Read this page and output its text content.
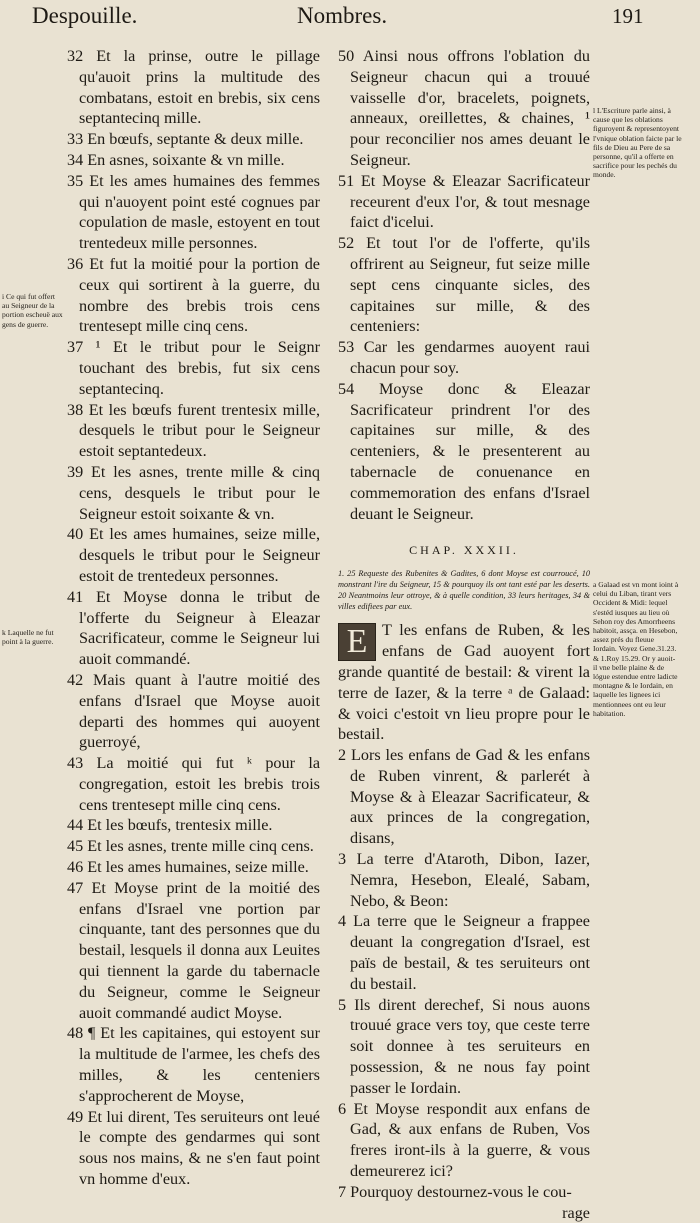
Despouille.	Nombres.	191

32 Et la prinse, outre le pillage qu'auoit prins la multitude des combatans, estoit en brebis, six cens septantecinq mille.

33 En bœufs, septante & deux mille.

34 En asnes, soixante & vn mille.

35 Et les ames humaines des femmes qui n'auoyent point esté cognues par copulation de masle, estoyent en tout trentedeux mille personnes.

36 Et fut la moitié pour la portion de ceux qui sortirent à la guerre, du nombre des brebis trois cens trentesept mille cinq cens.

37 ¹ Et le tribut pour le Seignr touchant des brebis, fut six cens septantecinq.

38 Et les bœufs furent trentesix mille, desquels le tribut pour le Seigneur estoit septantedeux.

39 Et les asnes, trente mille & cinq cens, desquels le tribut pour le Seigneur estoit soixante & vn.

40 Et les ames humaines, seize mille, desquels le tribut pour le Seigneur estoit de trentedeux personnes.

41 Et Moyse donna le tribut de l'offerte du Seigneur à Eleazar Sacrificateur, comme le Seigneur lui auoit commandé.

42 Mais quant à l'autre moitié des enfans d'Israel que Moyse auoit departi des hommes qui auoyent guerroyé,

43 La moitié qui fut ᵏ pour la congregation, estoit les brebis trois cens trentesept mille cinq cens.

44 Et les bœufs, trentesix mille.

45 Et les asnes, trente mille cinq cens.

46 Et les ames humaines, seize mille.

47 Et Moyse print de la moitié des enfans d'Israel vne portion par cinquante, tant des personnes que du bestail, lesquels il donna aux Leuites qui tiennent la garde du tabernacle du Seigneur, comme le Seigneur auoit commandé audict Moyse.

48 ¶ Et les capitaines, qui estoyent sur la multitude de l'armee, les chefs des milles, & les centeniers s'approcherent de Moyse,

49 Et lui dirent, Tes seruiteurs ont leué le compte des gendarmes qui sont sous nos mains, & ne s'en faut point vn homme d'eux.

50 Ainsi nous offrons l'oblation du Seigneur chacun qui a trouué vaisselle d'or, bracelets, poignets, anneaux, oreillettes, & chaines, ¹ pour reconcilier nos ames deuant le Seigneur.

51 Et Moyse & Eleazar Sacrificateur receurent d'eux l'or, & tout mesnage faict d'icelui.

52 Et tout l'or de l'offerte, qu'ils offrirent au Seigneur, fut seize mille sept cens cinquante sicles, des capitaines sur mille, & des centeniers:

53 Car les gendarmes auoyent raui chacun pour soy.

54 Moyse donc & Eleazar Sacrificateur prindrent l'or des capitaines sur mille, & des centeniers, & le presenterent au tabernacle de conuenance en commemoration des enfans d'Israel deuant le Seigneur.

CHAP. XXXII.

1. 25 Requeste des Rubenites & Gadites, 6 dont Moyse est courroucé, 10 monstrant l'ire du Seigneur, 15 & pourquoy ils ont tant esté par les deserts. 20 Neantmoins leur ottroye, & à quelle condition, 33 leurs heritages, 34 & villes edifiees par eux.

E T les enfans de Ruben, & les enfans de Gad auoyent fort grande quantité de bestail: & virent la terre de Iazer, & la terre ᵃ de Galaad: & voici c'estoit vn lieu propre pour le bestail.

2 Lors les enfans de Gad & les enfans de Ruben vinrent, & parlerét à Moyse & à Eleazar Sacrificateur, & aux princes de la congregation, disans,

3 La terre d'Ataroth, Dibon, Iazer, Nemra, Hesebon, Elealé, Sabam, Nebo, & Beon:

4 La terre que le Seigneur a frappee deuant la congregation d'Israel, est païs de bestail, & tes seruiteurs ont du bestail.

5 Ils dirent derechef, Si nous auons trouué grace vers toy, que ceste terre soit donnee à tes seruiteurs en possession, & ne nous fay point passer le Iordain.

6 Et Moyse respondit aux enfans de Gad, & aux enfans de Ruben, Vos freres iront-ils à la guerre, & vous demeurerez ici?

7 Pourquoy destournez-vous le cou-

rage

i Ce qui fut offert au Seigneur de la portion escheuë aux gens de guerre.
k Laquelle ne fut point à la guerre.
l L'Escriture parle ainsi, à cause que les oblations figuroyent & representoyent l'vnique oblation faicte par le fils de Dieu au Pere de sa personne, qu'il a offerte en sacrifice pour les pechés du monde.
a Galaad est vn mont ioint à celui du Liban, tirant vers Occident & Midi: lequel s'estéd iusques au lieu où Sehon roy des Amorrheens habitoit, assça. en Hesebon, assez prés du fleuue Iordain. Voyez Gene.31.23. & 1.Roy 15.29. Or y auoit-il vne belle plaine & de lógue estendue entre ladicte montagne & le Iordain, en laquelle les lignees ici mentionnees ont eu leur habitation.
